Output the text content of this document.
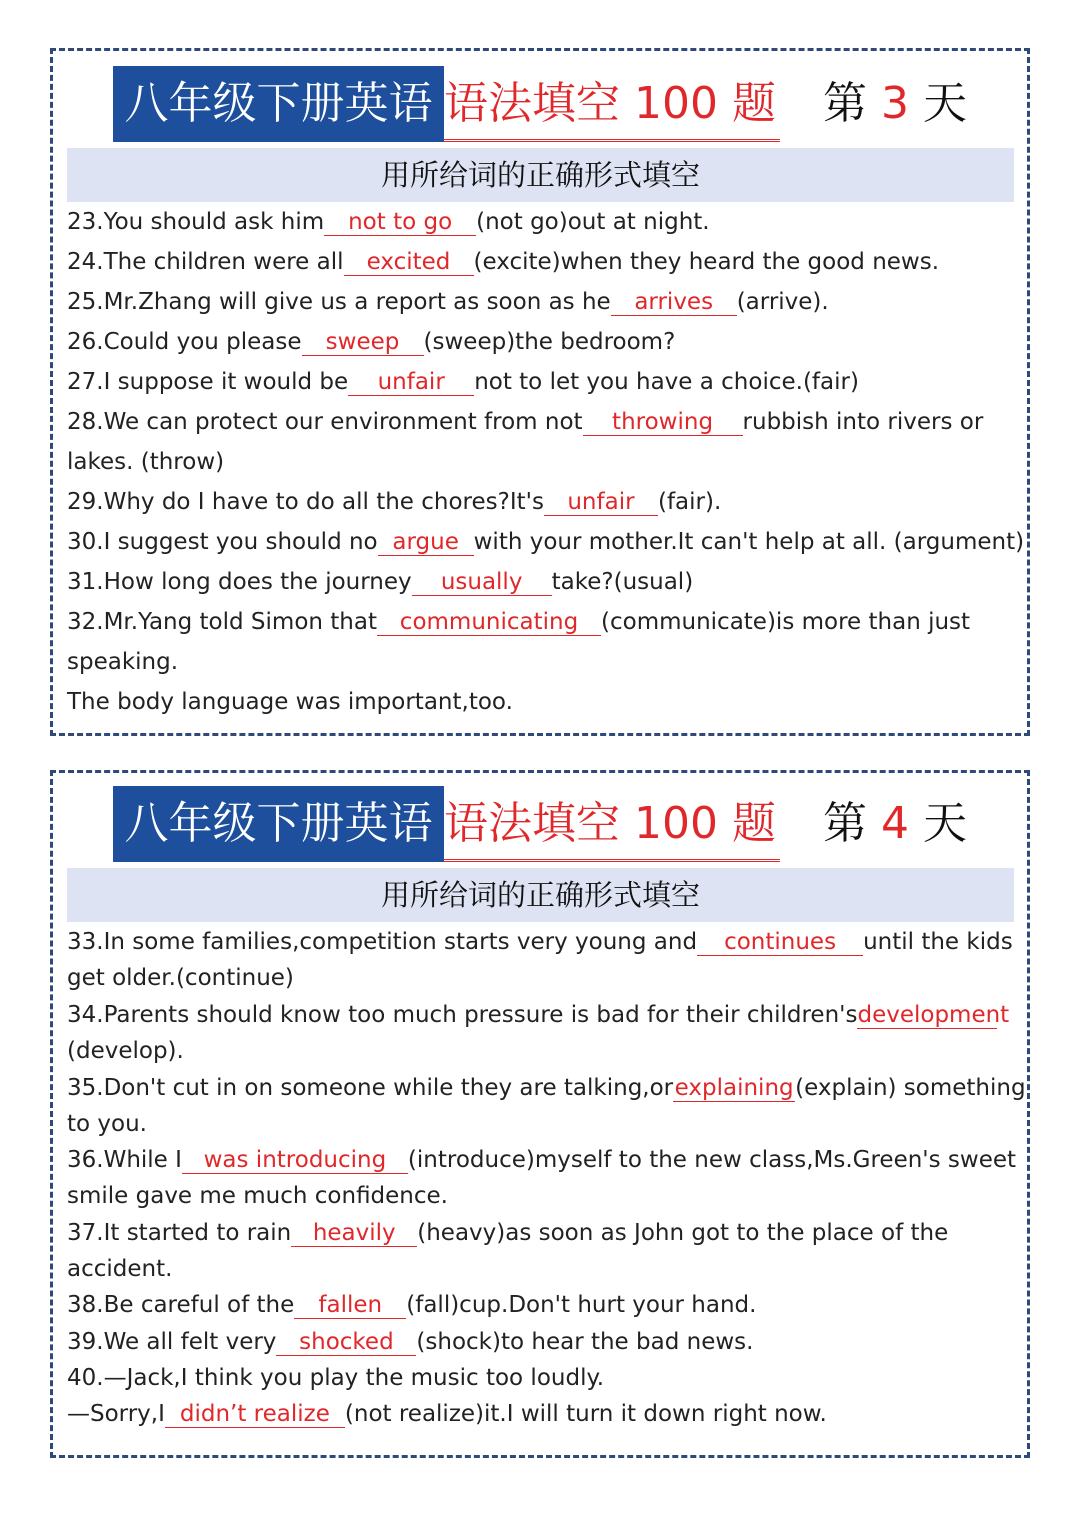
八年级下册英语 语法填空 100 题 第 3 天
用所给词的正确形式填空
23.You should ask him not to go (not go)out at night.
24.The children were all excited (excite)when they heard the good news.
25.Mr.Zhang will give us a report as soon as he arrives (arrive).
26.Could you please sweep (sweep)the bedroom?
27.I suppose it would be unfair not to let you have a choice.(fair)
28.We can protect our environment from not throwing rubbish into rivers or
lakes. (throw)
29.Why do I have to do all the chores?It's unfair (fair).
30.I suggest you should no argue with your mother.It can't help at all. (argument)
31.How long does the journey usually take?(usual)
32.Mr.Yang told Simon that communicating (communicate)is more than just
speaking.
The body language was important,too.
八年级下册英语 语法填空 100 题 第 4 天
用所给词的正确形式填空
33.In some families,competition starts very young and continues until the kids
get older.(continue)
34.Parents should know too much pressure is bad for their children'sdevelopment
(develop).
35.Don't cut in on someone while they are talking,orexplaining(explain) something
to you.
36.While I was introducing (introduce)myself to the new class,Ms.Green's sweet
smile gave me much confidence.
37.It started to rain heavily (heavy)as soon as John got to the place of the
accident.
38.Be careful of the fallen (fall)cup.Don't hurt your hand.
39.We all felt very shocked (shock)to hear the bad news.
40.—Jack,I think you play the music too loudly.
—Sorry,I didn’t realize (not realize)it.I will turn it down right now.
